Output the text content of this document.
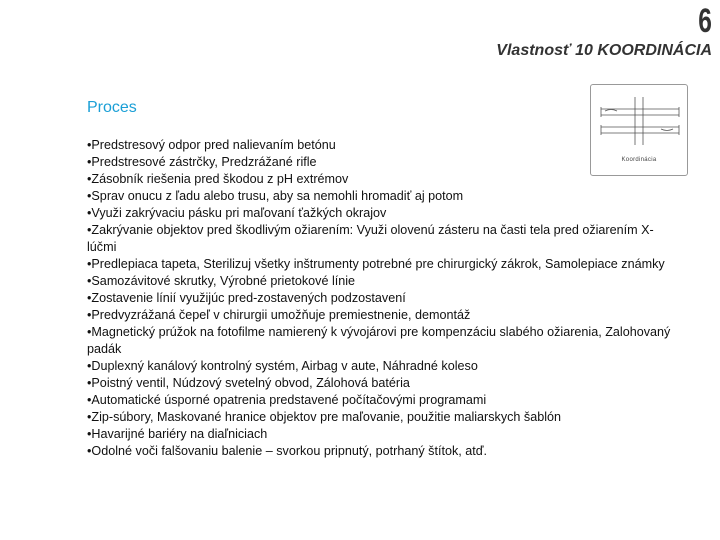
6
Vlastnosť 10 KOORDINÁCIA
Proces
Koordinácia
•Predstresový odpor pred nalievaním betónu
•Predstresové zástrčky, Predzrážané rifle
•Zásobník riešenia pred škodou z pH extrémov
•Sprav onucu z ľadu alebo trusu, aby sa nemohli hromadiť aj potom
•Využi zakrývaciu pásku pri maľovaní ťažkých okrajov
•Zakrývanie objektov pred škodlivým ožiarením: Využi olovenú zásteru na časti tela pred ožiarením X-lúčmi
•Predlepiaca tapeta, Sterilizuj všetky inštrumenty potrebné pre chirurgický zákrok, Samolepiace známky
•Samozávitové skrutky, Výrobné prietokové línie
•Zostavenie línií využijúc pred-zostavených podzostavení
•Predvyzrážaná čepeľ v chirurgii umožňuje premiestnenie, demontáž
•Magnetický prúžok na fotofilme namierený k vývojárovi pre kompenzáciu slabého ožiarenia, Zalohovaný padák
•Duplexný kanálový kontrolný systém, Airbag v aute, Náhradné koleso
•Poistný ventil, Núdzový svetelný obvod, Zálohová batéria
•Automatické úsporné opatrenia predstavené počítačovými programami
•Zip-súbory, Maskované hranice objektov pre maľovanie, použitie maliarskych šablón
•Havarijné bariéry na diaľniciach
•Odolné voči falšovaniu balenie – svorkou pripnutý, potrhaný štítok, atď.
